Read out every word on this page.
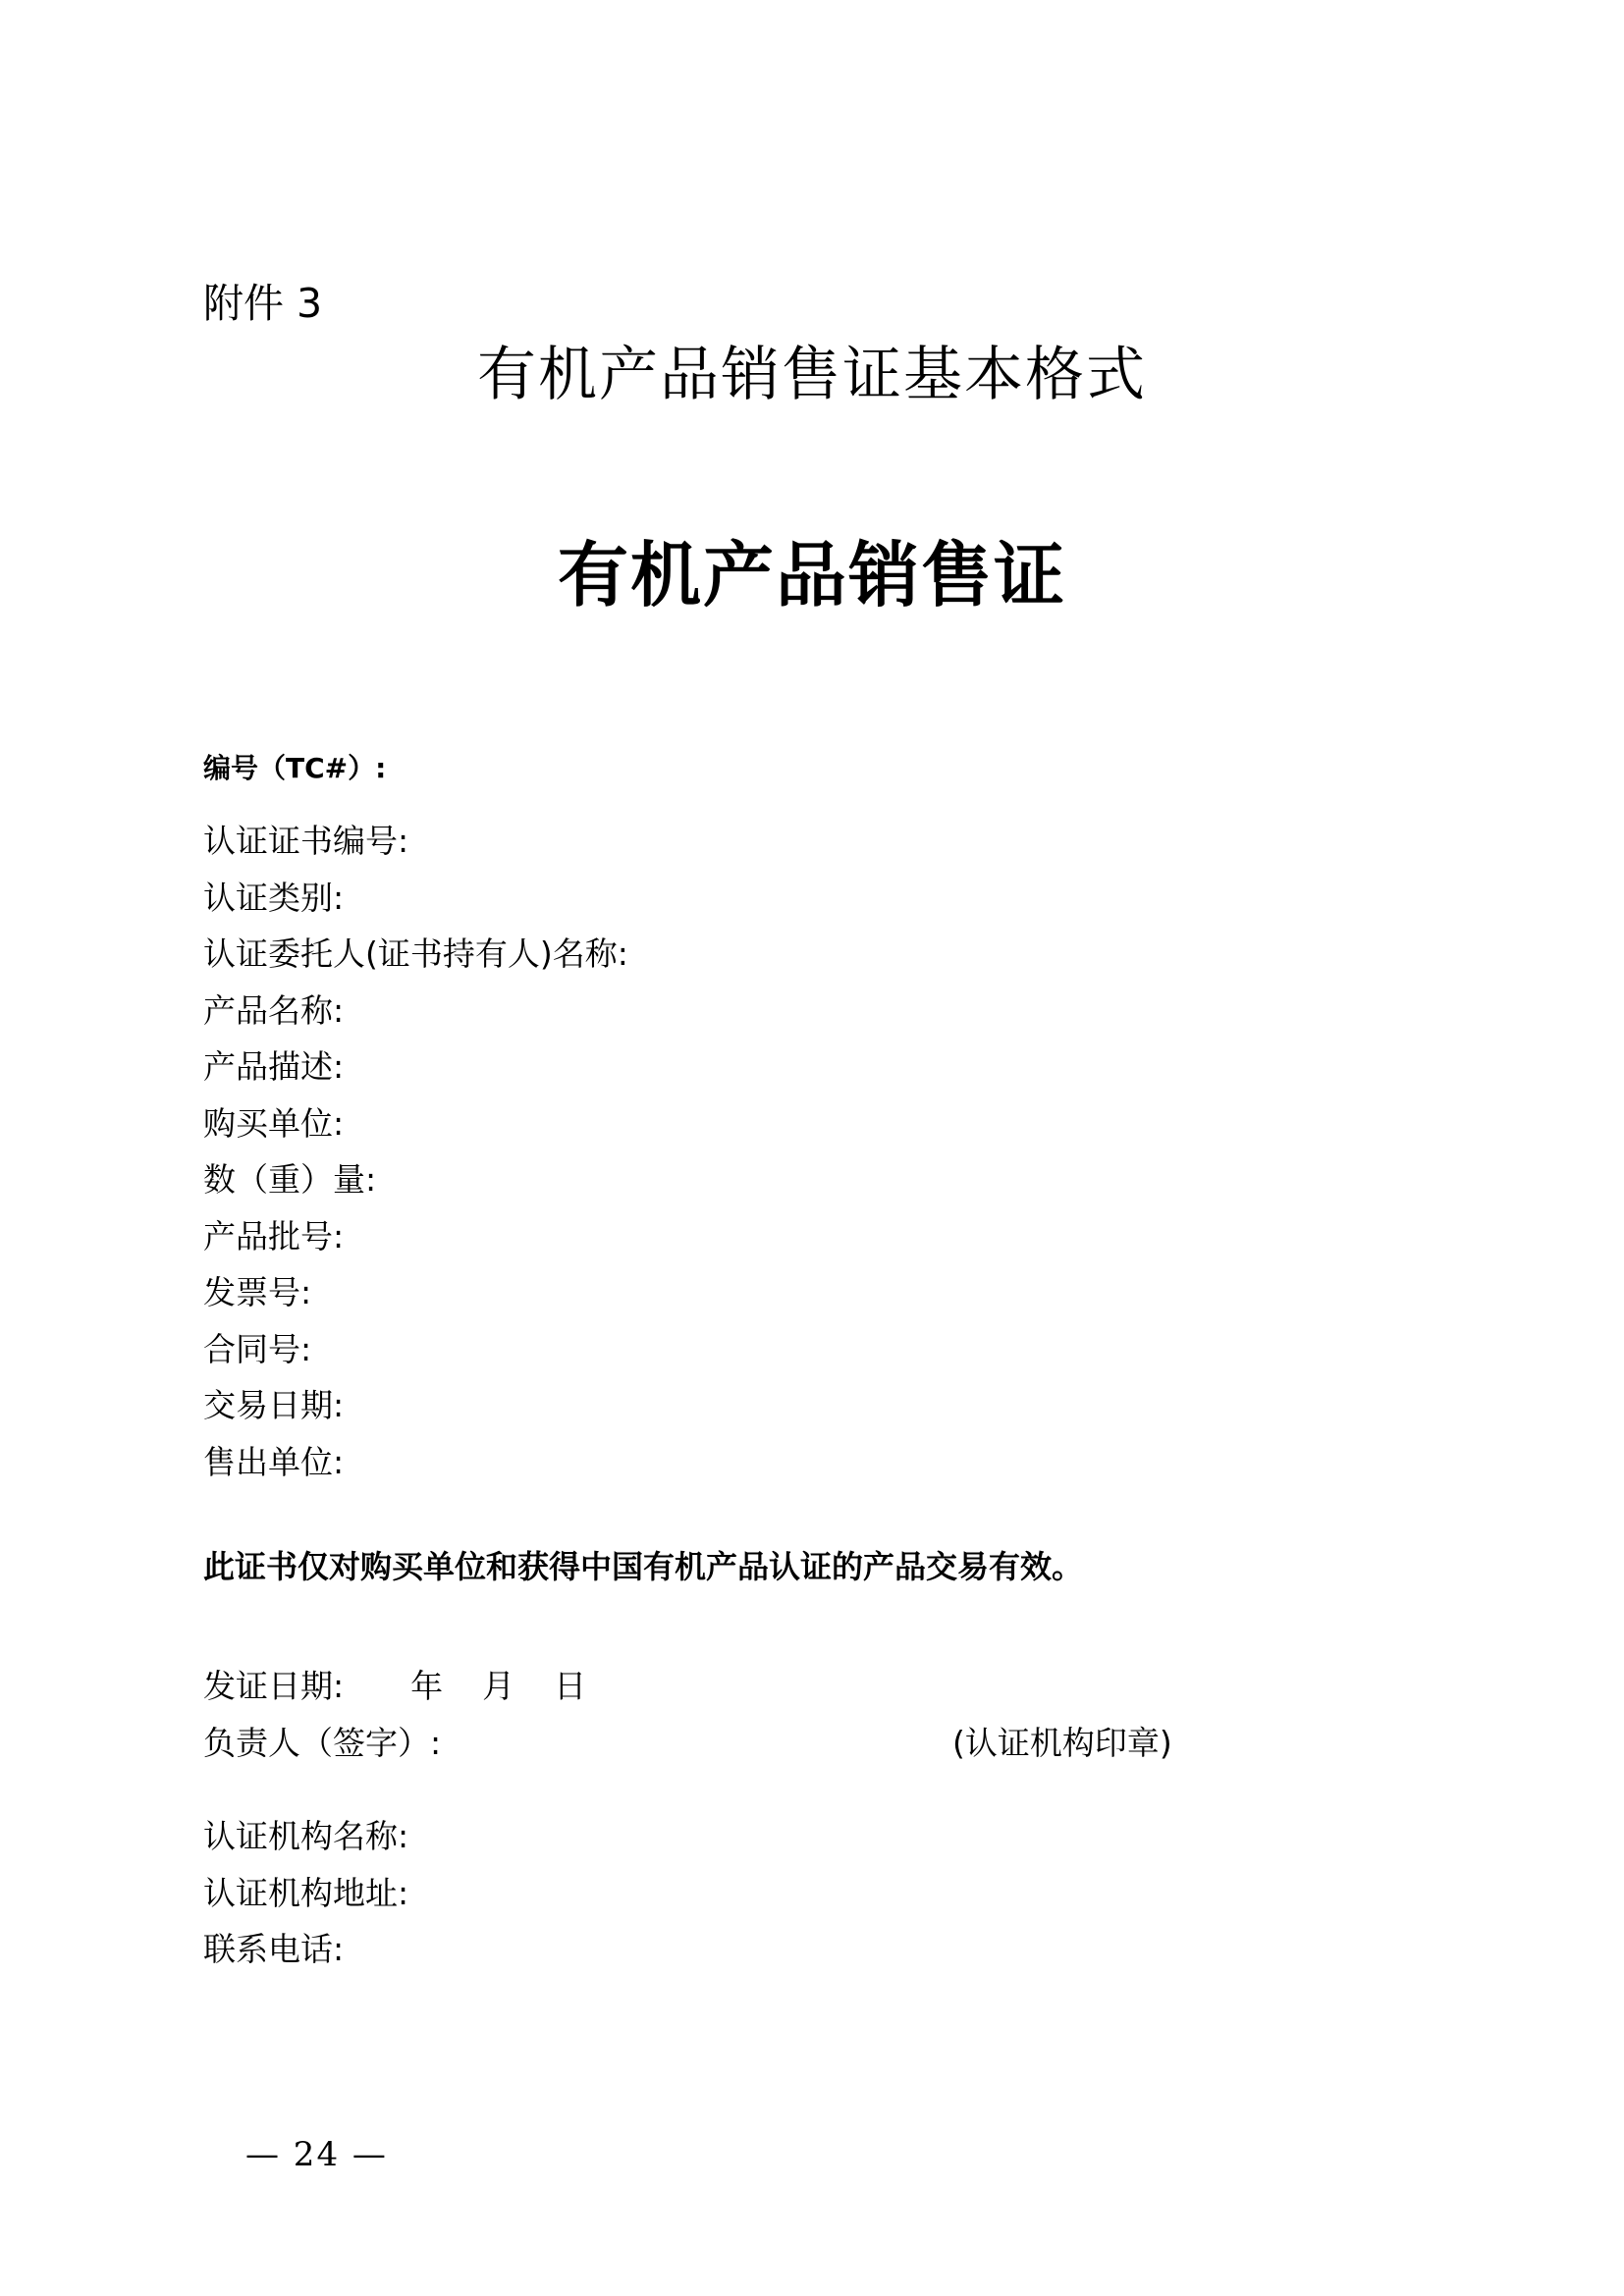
附件 3
有机产品销售证基本格式
有机产品销售证
编号（TC#）:
认证证书编号:
认证类别:
认证委托人(证书持有人)名称:
产品名称:
产品描述:
购买单位:
数（重）量:
产品批号:
发票号:
合同号:
交易日期:
售出单位:
此证书仅对购买单位和获得中国有机产品认证的产品交易有效。
发证日期: 年 月 日
负责人（签字）:	(认证机构印章)
认证机构名称:
认证机构地址:
联系电话:
— 24 —
